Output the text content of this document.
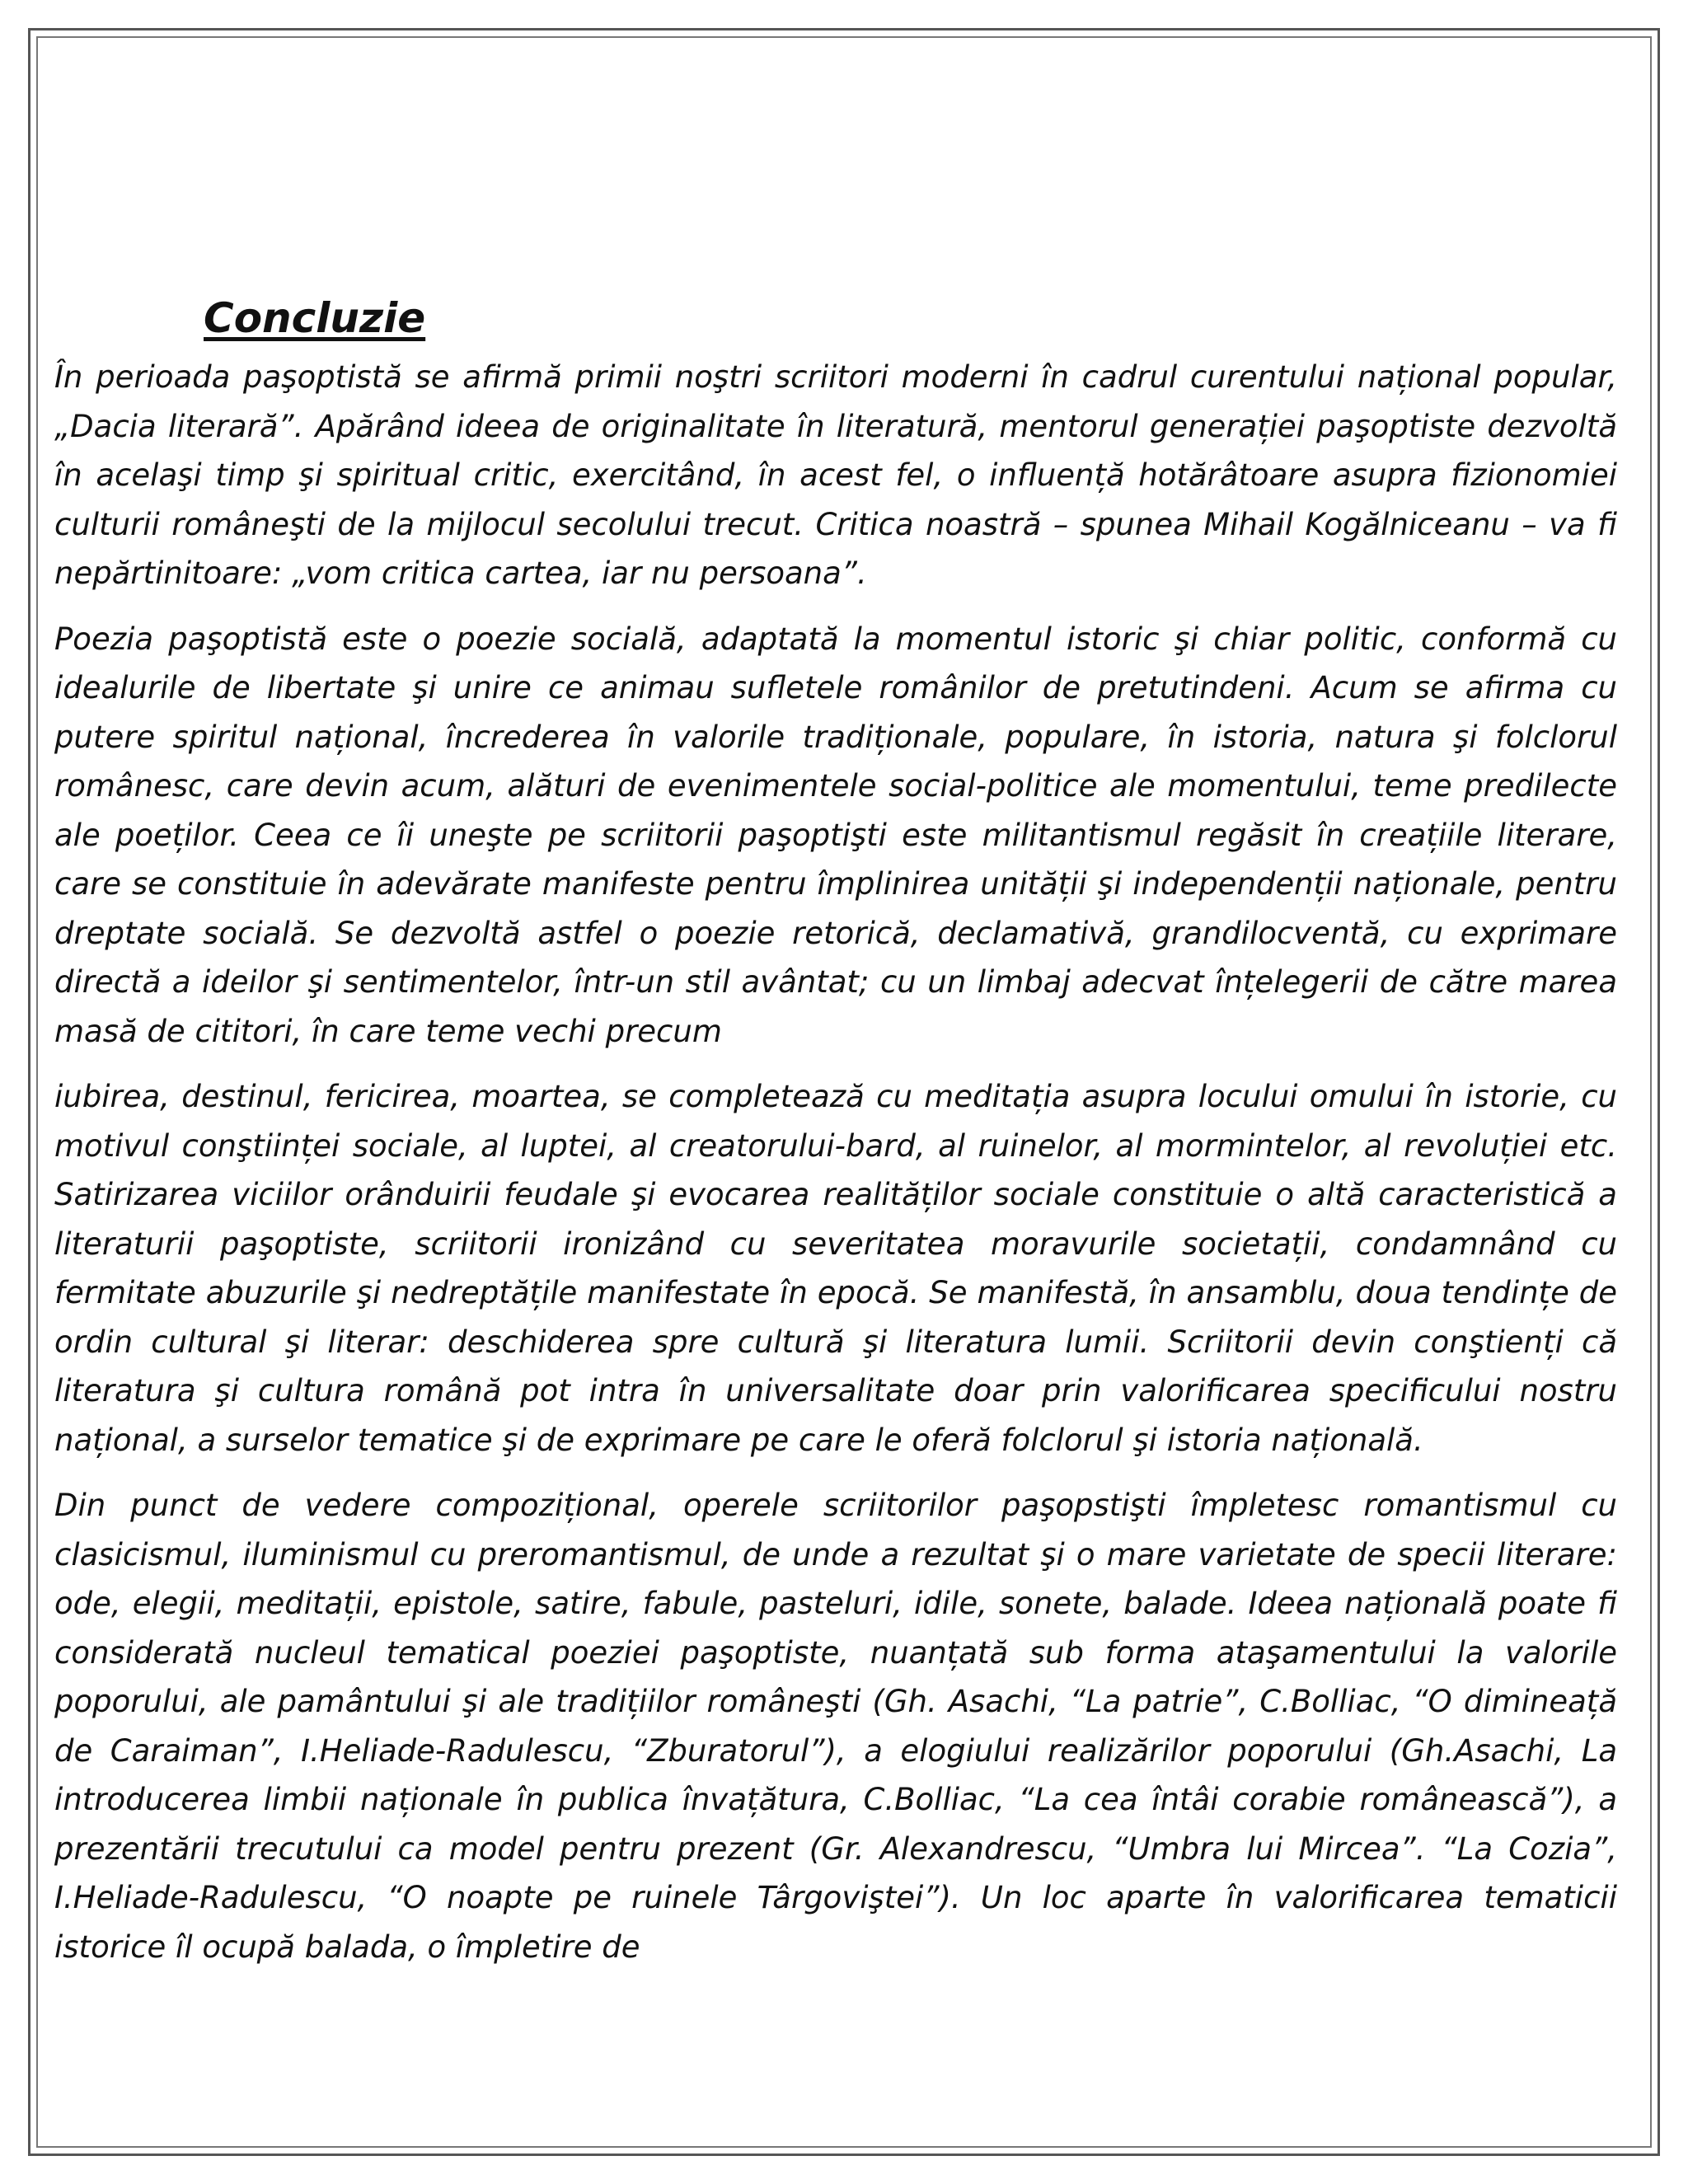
Concluzie

În perioada paşoptistă se afirmă primii noştri scriitori moderni în cadrul curentului național popular, „Dacia literară”. Apărând ideea de originalitate în literatură, mentorul generației paşoptiste dezvoltă în acelaşi timp şi spiritual critic, exercitând, în acest fel, o influență hotărâtoare asupra fizionomiei culturii româneşti de la mijlocul secolului trecut. Critica noastră – spunea Mihail Kogălniceanu – va fi nepărtinitoare: „vom critica cartea, iar nu persoana”.

Poezia paşoptistă este o poezie socială, adaptată la momentul istoric şi chiar politic, conformă cu idealurile de libertate şi unire ce animau sufletele românilor de pretutindeni. Acum se afirma cu putere spiritul național, încrederea în valorile tradiționale, populare, în istoria, natura şi folclorul românesc, care devin acum, alături de evenimentele social-politice ale momentului, teme predilecte ale poeților. Ceea ce îi uneşte pe scriitorii paşoptişti este militantismul regăsit în creațiile literare, care se constituie în adevărate manifeste pentru împlinirea unității şi independenții naționale, pentru dreptate socială. Se dezvoltă astfel o poezie retorică, declamativă, grandilocventă, cu exprimare directă a ideilor şi sentimentelor, într-un stil avântat; cu un limbaj adecvat înțelegerii de către marea masă de cititori, în care teme vechi precum

iubirea, destinul, fericirea, moartea, se completează cu meditația asupra locului omului în istorie, cu motivul conştiinței sociale, al luptei, al creatorului-bard, al ruinelor, al mormintelor, al revoluției etc. Satirizarea viciilor orânduirii feudale şi evocarea realităților sociale constituie o altă caracteristică a literaturii paşoptiste, scriitorii ironizând cu severitatea moravurile societații, condamnând cu fermitate abuzurile şi nedreptățile manifestate în epocă. Se manifestă, în ansamblu, doua tendințe de ordin cultural şi literar: deschiderea spre cultură şi literatura lumii. Scriitorii devin conştienți că literatura şi cultura română pot intra în universalitate doar prin valorificarea specificului nostru național, a surselor tematice şi de exprimare pe care le oferă folclorul şi istoria națională.

Din punct de vedere compozițional, operele scriitorilor paşopstişti împletesc romantismul cu clasicismul, iluminismul cu preromantismul, de unde a rezultat şi o mare varietate de specii literare: ode, elegii, meditații, epistole, satire, fabule, pasteluri, idile, sonete, balade. Ideea națională poate fi considerată nucleul tematical poeziei paşoptiste, nuanțată sub forma ataşamentului la valorile poporului, ale pamântului şi ale tradițiilor româneşti (Gh. Asachi, “La patrie”, C.Bolliac, “O dimineață de Caraiman”, I.Heliade-Radulescu, “Zburatorul”), a elogiului realizărilor poporului (Gh.Asachi, La introducerea limbii naționale în publica învațătura, C.Bolliac, “La cea întâi corabie românească”), a prezentării trecutului ca model pentru prezent (Gr. Alexandrescu, “Umbra lui Mircea”. “La Cozia”, I.Heliade-Radulescu, “O noapte pe ruinele Târgoviştei”). Un loc aparte în valorificarea tematicii istorice îl ocupă balada, o împletire de
